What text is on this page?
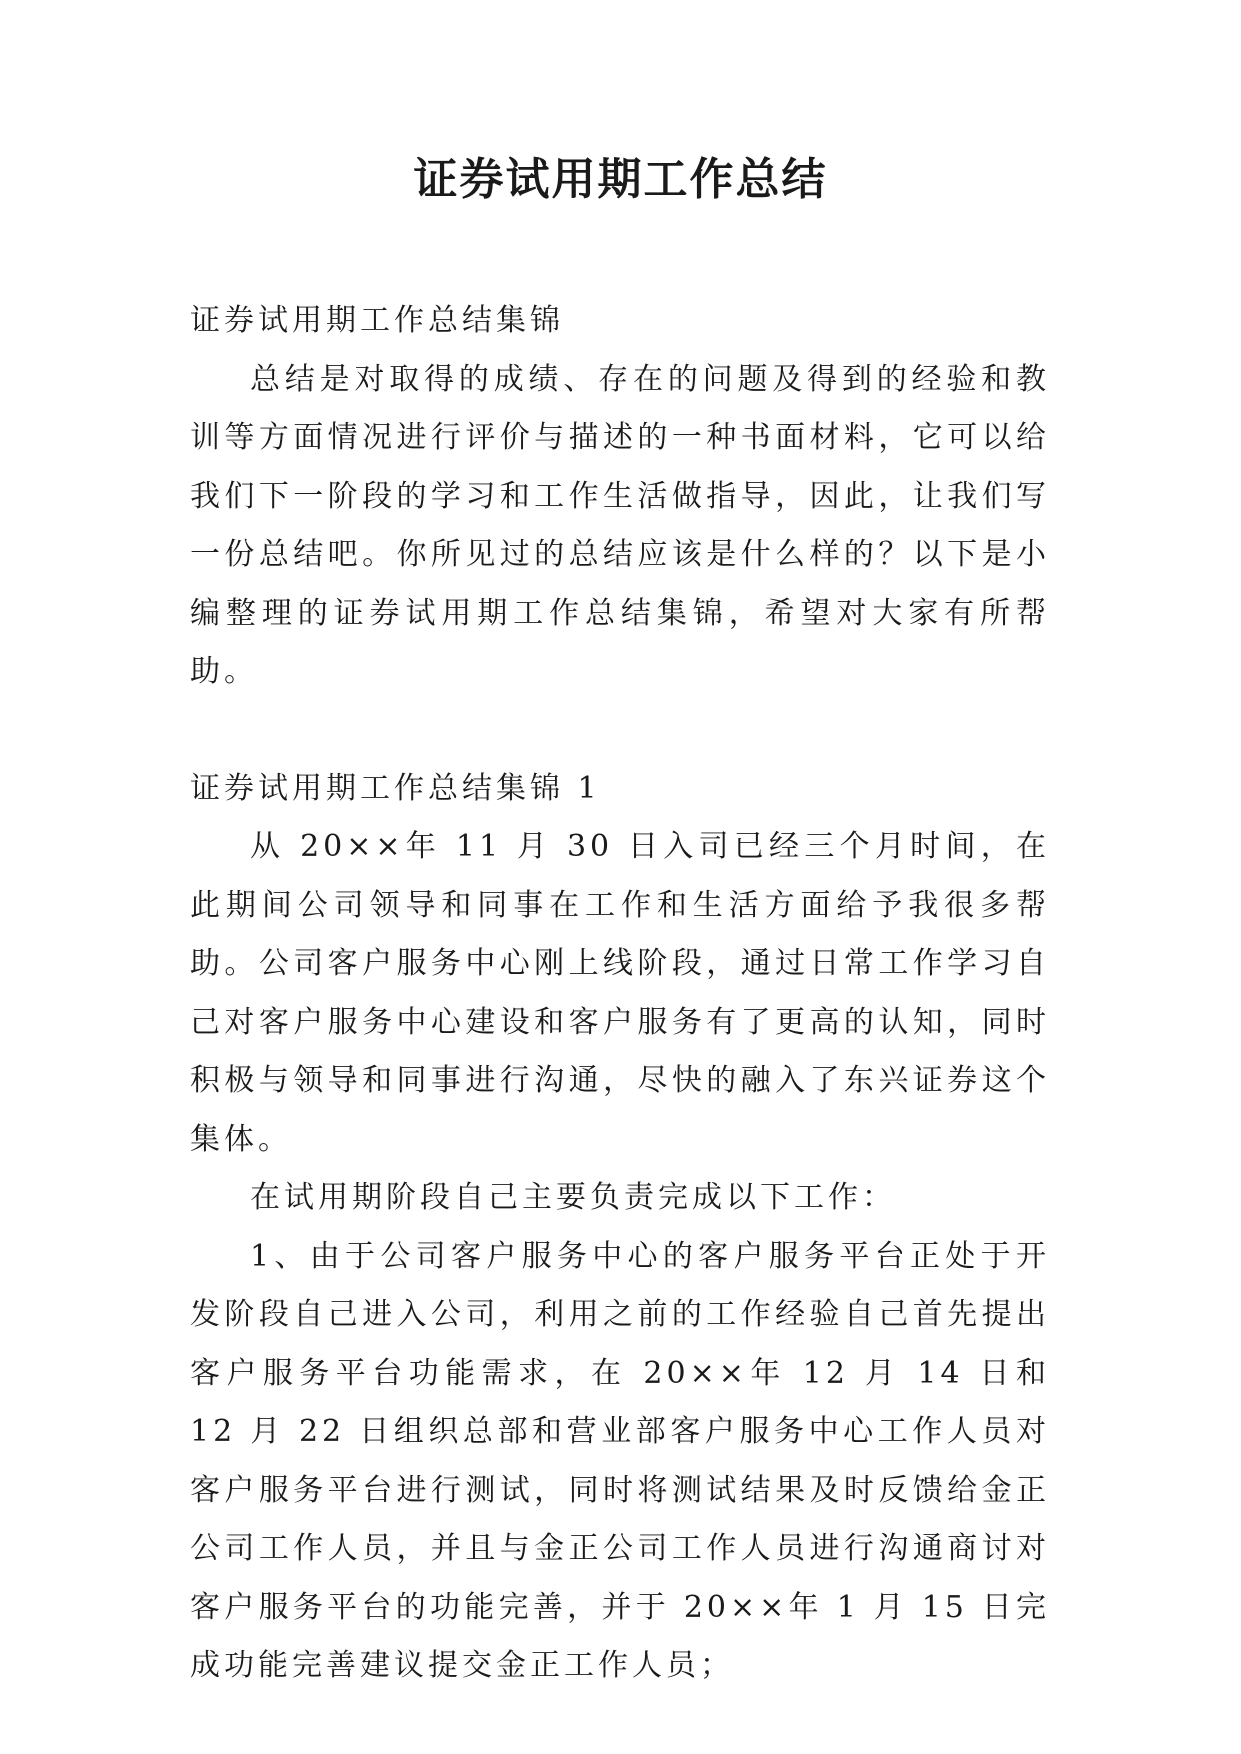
证券试用期工作总结

证券试用期工作总结集锦

总结是对取得的成绩、存在的问题及得到的经验和教训等方面情况进行评价与描述的一种书面材料，它可以给我们下一阶段的学习和工作生活做指导，因此，让我们写一份总结吧。你所见过的总结应该是什么样的？以下是小编整理的证券试用期工作总结集锦，希望对大家有所帮助。

证券试用期工作总结集锦 1

从 20××年 11 月 30 日入司已经三个月时间，在此期间公司领导和同事在工作和生活方面给予我很多帮助。公司客户服务中心刚上线阶段，通过日常工作学习自己对客户服务中心建设和客户服务有了更高的认知，同时积极与领导和同事进行沟通，尽快的融入了东兴证券这个集体。

在试用期阶段自己主要负责完成以下工作：

1、由于公司客户服务中心的客户服务平台正处于开发阶段自己进入公司，利用之前的工作经验自己首先提出客户服务平台功能需求，在 20××年 12 月 14 日和 12 月 22 日组织总部和营业部客户服务中心工作人员对客户服务平台进行测试，同时将测试结果及时反馈给金正公司工作人员，并且与金正公司工作人员进行沟通商讨对客户服务平台的功能完善，并于 20××年 1 月 15 日完成功能完善建议提交金正工作人员；
